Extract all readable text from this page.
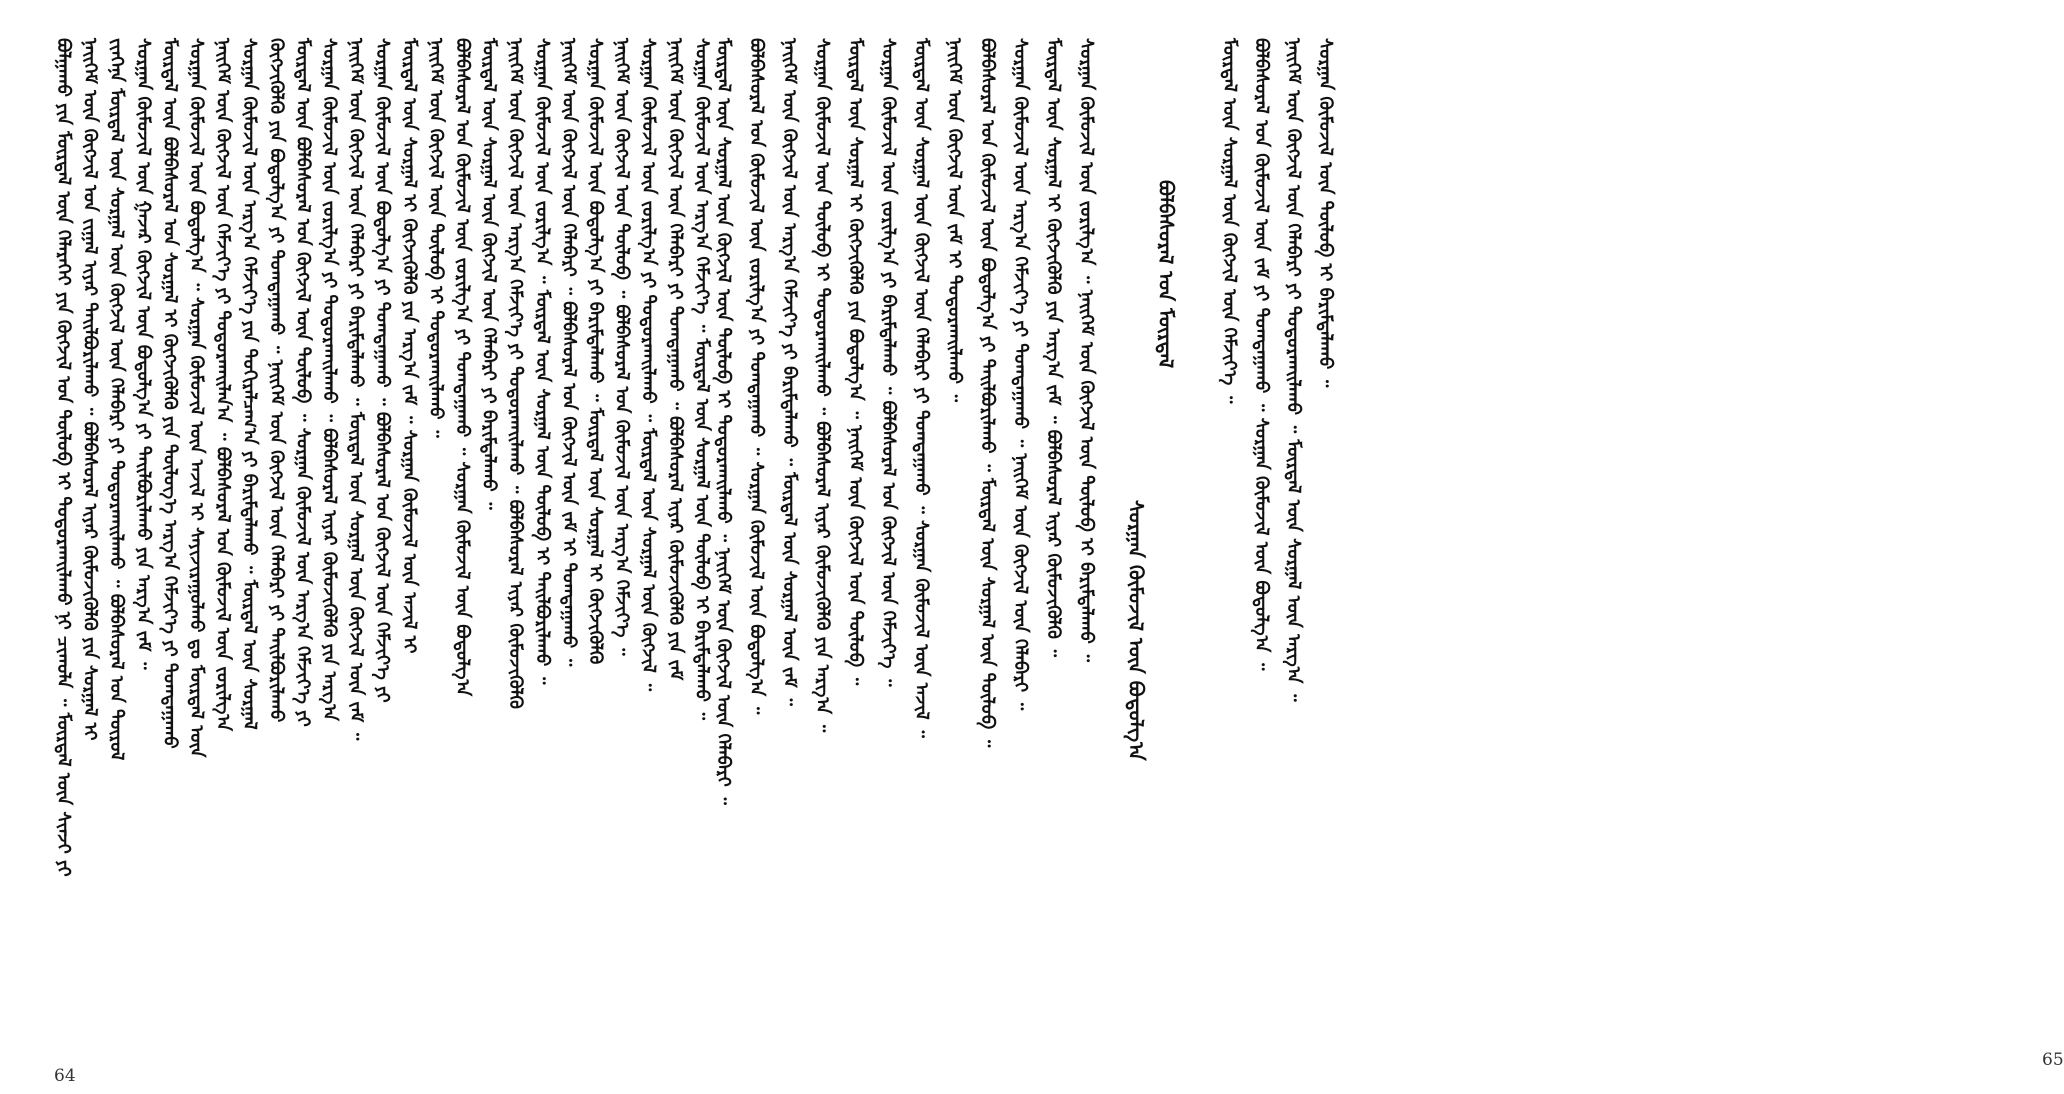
ᠪᠣᠯᠭᠠᠬᠤ ᠶᠢᠨ ᠮᠥᠷᠳᠡᠯ ᠦᠨ ᠬᠡᠯᠡᠷᠡᠬᠡᠢ ᠶᠢᠨ ᠬᠥᠭᠵᠢᠯ ᠤᠨ ᠲᠥᠯᠥᠪ ᠢ ᠲᠣᠳᠣᠷᠬᠠᠢᠯᠠᠬᠤ ᠨᠢ ᠴᠢᠬᠤᠯᠠ ᠃ ᠮᠥᠷᠳᠡᠯ ᠦᠨ ᠰᠢᠨᠵᠢ ᠶᠢ ᠨᠡᠢᠭᠡᠮ ᠦᠨ ᠬᠥᠭᠵᠢᠯ ᠤᠨ ᠵᠢᠭᠠᠯ ᠢᠶᠠᠷ ᠲᠠᠢᠯᠪᠤᠷᠢᠯᠠᠬᠤ ᠃ ᠪᠣᠯᠪᠠᠰᠤᠷᠠᠯ ᠢᠶᠠᠷ ᠬᠥᠮᠦᠵᠢᠭᠦᠯᠬᠦ ᠶᠢᠨ ᠰᠤᠷᠭᠠᠯ ᠢ ᠵᠢᠨᠬᠡᠨᠡ ᠮᠥᠷᠳᠡᠯ ᠦᠨ ᠰᠤᠷᠭᠠᠯ ᠦᠨ ᠬᠥᠭᠵᠢᠯ ᠦᠨ ᠬᠡᠯᠡᠪᠡᠷᠢ ᠶᠢ ᠲᠣᠳᠣᠷᠬᠠᠢᠯᠠᠬᠤ ᠃ ᠪᠣᠯᠪᠠᠰᠤᠷᠠᠯ ᠤᠨ ᠲᠥᠷᠥᠯ ᠰᠤᠷᠭᠠᠨ ᠬᠥᠮᠦᠵᠢᠯ ᠦᠨ ᠭᠠᠵᠠᠷ ᠬᠥᠭᠵᠢᠯ ᠦᠨ ᠪᠣᠳᠣᠯᠭ᠎ᠠ ᠶᠢ ᠲᠠᠢᠯᠪᠤᠷᠢᠯᠠᠬᠤ ᠶᠢᠨ ᠠᠷᠭ᠎ᠠ ᠵᠠᠮ ᠃ ᠮᠥᠷᠳᠡᠯ ᠦᠨ ᠪᠣᠯᠪᠠᠰᠤᠷᠠᠯ ᠤᠨ ᠰᠤᠷᠭᠠᠯ ᠢ ᠬᠥᠭᠵᠢᠭᠦᠯᠬᠦ ᠶᠢᠨ ᠲᠥᠯᠥᠭ᠎ᠡ ᠠᠷᠭ᠎ᠠ ᠬᠡᠮᠵᠢᠶ᠎ᠡ ᠶᠢ ᠲᠣᠭᠲᠠᠭᠠᠬᠤ ᠰᠤᠷᠭᠠᠨ ᠬᠥᠮᠦᠵᠢᠯ ᠦᠨ ᠪᠣᠳᠣᠯᠭ᠎ᠠ ᠃ ᠰᠤᠷᠭᠠᠨ ᠬᠥᠮᠦᠵᠢᠯ ᠦᠨ ᠠᠵᠢᠯ ᠢ ᠰᠠᠶᠢᠵᠢᠷᠠᠭᠤᠯᠬᠤ ᠳᠤ ᠮᠥᠷᠳᠡᠯ ᠦᠨ ᠨᠡᠢᠭᠡᠮ ᠦᠨ ᠬᠥᠭᠵᠢᠯ ᠦᠨ ᠬᠡᠮᠵᠢᠶ᠎ᠡ ᠶᠢ ᠲᠣᠳᠣᠷᠬᠠᠢᠯᠠᠨ᠎ᠠ ᠃ ᠪᠣᠯᠪᠠᠰᠤᠷᠠᠯ ᠤᠨ ᠬᠥᠮᠦᠵᠢᠯ ᠦᠨ ᠵᠣᠷᠢᠯᠭ᠎ᠠ ᠰᠤᠷᠭᠠᠨ ᠬᠥᠮᠦᠵᠢᠯ ᠦᠨ ᠠᠷᠭ᠎ᠠ ᠬᠡᠮᠵᠢᠶ᠎ᠡ ᠶᠢᠨ ᠲᠣᠬᠢᠷᠠᠯᠴᠠᠭ᠎ᠠ ᠶᠢ ᠪᠠᠷᠢᠮᠲᠠᠯᠠᠬᠤ ᠃ ᠮᠥᠷᠳᠡᠯ ᠦᠨ ᠰᠤᠷᠭᠠᠯ ᠬᠥᠭᠵᠢᠭᠦᠯᠬᠦ ᠶᠢᠨ ᠪᠣᠳᠣᠯᠭ᠎ᠠ ᠶᠢ ᠲᠣᠭᠲᠠᠭᠠᠬᠤ ᠃ ᠨᠡᠢᠭᠡᠮ ᠦᠨ ᠬᠥᠭᠵᠢᠯ ᠦᠨ ᠬᠡᠯᠡᠪᠡᠷᠢ ᠶᠢ ᠲᠠᠢᠯᠪᠤᠷᠢᠯᠠᠬᠤ ᠮᠥᠷᠳᠡᠯ ᠦᠨ ᠪᠣᠯᠪᠠᠰᠤᠷᠠᠯ ᠤᠨ ᠬᠥᠭᠵᠢᠯ ᠦᠨ ᠲᠥᠯᠥᠪ ᠃ ᠰᠤᠷᠭᠠᠨ ᠬᠥᠮᠦᠵᠢᠯ ᠦᠨ ᠠᠷᠭ᠎ᠠ ᠬᠡᠮᠵᠢᠶ᠎ᠡ ᠶᠢ ᠰᠤᠷᠭᠠᠨ ᠬᠥᠮᠦᠵᠢᠯ ᠦᠨ ᠵᠣᠷᠢᠯᠭ᠎ᠠ ᠶᠢ ᠲᠣᠳᠣᠷᠬᠠᠢᠯᠠᠬᠤ ᠃ ᠪᠣᠯᠪᠠᠰᠤᠷᠠᠯ ᠢᠶᠠᠷ ᠬᠥᠮᠦᠵᠢᠭᠦᠯᠬᠦ ᠶᠢᠨ ᠠᠷᠭ᠎ᠠ ᠨᠡᠢᠭᠡᠮ ᠦᠨ ᠬᠥᠭᠵᠢᠯ ᠦᠨ ᠬᠡᠯᠡᠪᠡᠷᠢ ᠶᠢ ᠪᠠᠷᠢᠮᠲᠠᠯᠠᠬᠤ ᠃ ᠮᠥᠷᠳᠡᠯ ᠦᠨ ᠰᠤᠷᠭᠠᠯ ᠦᠨ ᠬᠥᠭᠵᠢᠯ ᠦᠨ ᠵᠠᠮ ᠃ ᠰᠤᠷᠭᠠᠨ ᠬᠥᠮᠦᠵᠢᠯ ᠦᠨ ᠪᠣᠳᠣᠯᠭ᠎ᠠ ᠶᠢ ᠲᠣᠭᠲᠠᠭᠠᠬᠤ ᠃ ᠪᠣᠯᠪᠠᠰᠤᠷᠠᠯ ᠤᠨ ᠬᠥᠭᠵᠢᠯ ᠦᠨ ᠬᠡᠮᠵᠢᠶ᠎ᠡ ᠶᠢ ᠮᠥᠷᠳᠡᠯ ᠦᠨ ᠰᠤᠷᠭᠠᠯ ᠢ ᠬᠥᠭᠵᠢᠭᠦᠯᠬᠦ ᠶᠢᠨ ᠠᠷᠭ᠎ᠠ ᠵᠠᠮ ᠃ ᠰᠤᠷᠭᠠᠨ ᠬᠥᠮᠦᠵᠢᠯ ᠦᠨ ᠠᠵᠢᠯ ᠢ ᠨᠡᠢᠭᠡᠮ ᠦᠨ ᠬᠥᠭᠵᠢᠯ ᠦᠨ ᠲᠥᠯᠥᠪ ᠢ ᠲᠣᠳᠣᠷᠬᠠᠢᠯᠠᠬᠤ ᠃ ᠪᠣᠯᠪᠠᠰᠤᠷᠠᠯ ᠤᠨ ᠬᠥᠮᠦᠵᠢᠯ ᠦᠨ ᠵᠣᠷᠢᠯᠭ᠎ᠠ ᠶᠢ ᠲᠣᠭᠲᠠᠭᠠᠬᠤ ᠃ ᠰᠤᠷᠭᠠᠨ ᠬᠥᠮᠦᠵᠢᠯ ᠦᠨ ᠪᠣᠳᠣᠯᠭ᠎ᠠ ᠮᠥᠷᠳᠡᠯ ᠦᠨ ᠰᠤᠷᠭᠠᠯ ᠦᠨ ᠬᠥᠭᠵᠢᠯ ᠦᠨ ᠬᠡᠯᠡᠪᠡᠷᠢ ᠶᠢ ᠪᠠᠷᠢᠮᠲᠠᠯᠠᠬᠤ ᠃ ᠨᠡᠢᠭᠡᠮ ᠦᠨ ᠬᠥᠭᠵᠢᠯ ᠦᠨ ᠠᠷᠭ᠎ᠠ ᠬᠡᠮᠵᠢᠶ᠎ᠡ ᠶᠢ ᠲᠣᠳᠣᠷᠬᠠᠢᠯᠠᠬᠤ ᠃ ᠪᠣᠯᠪᠠᠰᠤᠷᠠᠯ ᠢᠶᠠᠷ ᠬᠥᠮᠦᠵᠢᠭᠦᠯᠬᠦ ᠰᠤᠷᠭᠠᠨ ᠬᠥᠮᠦᠵᠢᠯ ᠦᠨ ᠵᠣᠷᠢᠯᠭ᠎ᠠ ᠃ ᠮᠥᠷᠳᠡᠯ ᠦᠨ ᠰᠤᠷᠭᠠᠯ ᠦᠨ ᠲᠥᠯᠥᠪ ᠢ ᠲᠠᠢᠯᠪᠤᠷᠢᠯᠠᠬᠤ ᠃ ᠨᠡᠢᠭᠡᠮ ᠦᠨ ᠬᠥᠭᠵᠢᠯ ᠦᠨ ᠬᠡᠯᠡᠪᠡᠷᠢ ᠃ ᠪᠣᠯᠪᠠᠰᠤᠷᠠᠯ ᠤᠨ ᠬᠥᠭᠵᠢᠯ ᠦᠨ ᠵᠠᠮ ᠢ ᠲᠣᠭᠲᠠᠭᠠᠬᠤ ᠃ ᠰᠤᠷᠭᠠᠨ ᠬᠥᠮᠦᠵᠢᠯ ᠦᠨ ᠪᠣᠳᠣᠯᠭ᠎ᠠ ᠶᠢ ᠪᠠᠷᠢᠮᠲᠠᠯᠠᠬᠤ ᠃ ᠮᠥᠷᠳᠡᠯ ᠦᠨ ᠰᠤᠷᠭᠠᠯ ᠢ ᠬᠥᠭᠵᠢᠭᠦᠯᠬᠦ ᠨᠡᠢᠭᠡᠮ ᠦᠨ ᠬᠥᠭᠵᠢᠯ ᠦᠨ ᠲᠥᠯᠥᠪ ᠃ ᠪᠣᠯᠪᠠᠰᠤᠷᠠᠯ ᠤᠨ ᠬᠥᠮᠦᠵᠢᠯ ᠦᠨ ᠠᠷᠭ᠎ᠠ ᠬᠡᠮᠵᠢᠶ᠎ᠡ ᠃ ᠰᠤᠷᠭᠠᠨ ᠬᠥᠮᠦᠵᠢᠯ ᠦᠨ ᠵᠣᠷᠢᠯᠭ᠎ᠠ ᠶᠢ ᠲᠣᠳᠣᠷᠬᠠᠢᠯᠠᠬᠤ ᠃ ᠮᠥᠷᠳᠡᠯ ᠦᠨ ᠰᠤᠷᠭᠠᠯ ᠦᠨ ᠬᠥᠭᠵᠢᠯ ᠃ ᠨᠡᠢᠭᠡᠮ ᠦᠨ ᠬᠥᠭᠵᠢᠯ ᠦᠨ ᠬᠡᠯᠡᠪᠡᠷᠢ ᠶᠢ ᠲᠣᠭᠲᠠᠭᠠᠬᠤ ᠃ ᠪᠣᠯᠪᠠᠰᠤᠷᠠᠯ ᠢᠶᠠᠷ ᠬᠥᠮᠦᠵᠢᠭᠦᠯᠬᠦ ᠶᠢᠨ ᠵᠠᠮ ᠰᠤᠷᠭᠠᠨ ᠬᠥᠮᠦᠵᠢᠯ ᠦᠨ ᠠᠷᠭ᠎ᠠ ᠬᠡᠮᠵᠢᠶ᠎ᠡ ᠃ ᠮᠥᠷᠳᠡᠯ ᠦᠨ ᠰᠤᠷᠭᠠᠯ ᠦᠨ ᠲᠥᠯᠥᠪ ᠢ ᠪᠠᠷᠢᠮᠲᠠᠯᠠᠬᠤ ᠃
64
ᠮᠥᠷᠳᠡᠯ ᠦᠨ ᠰᠤᠷᠭᠠᠯ ᠦᠨ ᠬᠥᠭᠵᠢᠯ ᠦᠨ ᠲᠥᠯᠥᠪ ᠢ ᠲᠣᠳᠣᠷᠬᠠᠢᠯᠠᠬᠤ ᠃ ᠨᠡᠢᠭᠡᠮ ᠦᠨ ᠬᠥᠭᠵᠢᠯ ᠦᠨ ᠬᠡᠯᠡᠪᠡᠷᠢ ᠃ ᠪᠣᠯᠪᠠᠰᠤᠷᠠᠯ ᠤᠨ ᠬᠥᠮᠦᠵᠢᠯ ᠦᠨ ᠵᠣᠷᠢᠯᠭ᠎ᠠ ᠶᠢ ᠲᠣᠭᠲᠠᠭᠠᠬᠤ ᠃ ᠰᠤᠷᠭᠠᠨ ᠬᠥᠮᠦᠵᠢᠯ ᠦᠨ ᠪᠣᠳᠣᠯᠭ᠎ᠠ ᠃ ᠨᠡᠢᠭᠡᠮ ᠦᠨ ᠬᠥᠭᠵᠢᠯ ᠦᠨ ᠠᠷᠭ᠎ᠠ ᠬᠡᠮᠵᠢᠶ᠎ᠡ ᠶᠢ ᠪᠠᠷᠢᠮᠲᠠᠯᠠᠬᠤ ᠃ ᠮᠥᠷᠳᠡᠯ ᠦᠨ ᠰᠤᠷᠭᠠᠯ ᠦᠨ ᠵᠠᠮ ᠃ ᠰᠤᠷᠭᠠᠨ ᠬᠥᠮᠦᠵᠢᠯ ᠦᠨ ᠲᠥᠯᠥᠪ ᠢ ᠲᠣᠳᠣᠷᠬᠠᠢᠯᠠᠬᠤ ᠃ ᠪᠣᠯᠪᠠᠰᠤᠷᠠᠯ ᠢᠶᠠᠷ ᠬᠥᠮᠦᠵᠢᠭᠦᠯᠬᠦ ᠶᠢᠨ ᠠᠷᠭ᠎ᠠ ᠃ ᠮᠥᠷᠳᠡᠯ ᠦᠨ ᠰᠤᠷᠭᠠᠯ ᠢ ᠬᠥᠭᠵᠢᠭᠦᠯᠬᠦ ᠶᠢᠨ ᠪᠣᠳᠣᠯᠭ᠎ᠠ ᠃ ᠨᠡᠢᠭᠡᠮ ᠦᠨ ᠬᠥᠭᠵᠢᠯ ᠦᠨ ᠲᠥᠯᠥᠪ ᠃ ᠰᠤᠷᠭᠠᠨ ᠬᠥᠮᠦᠵᠢᠯ ᠦᠨ ᠵᠣᠷᠢᠯᠭ᠎ᠠ ᠶᠢ ᠪᠠᠷᠢᠮᠲᠠᠯᠠᠬᠤ ᠃ ᠪᠣᠯᠪᠠᠰᠤᠷᠠᠯ ᠤᠨ ᠬᠥᠭᠵᠢᠯ ᠦᠨ ᠬᠡᠮᠵᠢᠶ᠎ᠡ ᠃ ᠮᠥᠷᠳᠡᠯ ᠦᠨ ᠰᠤᠷᠭᠠᠯ ᠦᠨ ᠬᠥᠭᠵᠢᠯ ᠦᠨ ᠬᠡᠯᠡᠪᠡᠷᠢ ᠶᠢ ᠲᠣᠭᠲᠠᠭᠠᠬᠤ ᠃ ᠰᠤᠷᠭᠠᠨ ᠬᠥᠮᠦᠵᠢᠯ ᠦᠨ ᠠᠵᠢᠯ ᠃ ᠨᠡᠢᠭᠡᠮ ᠦᠨ ᠬᠥᠭᠵᠢᠯ ᠦᠨ ᠵᠠᠮ ᠢ ᠲᠣᠳᠣᠷᠬᠠᠢᠯᠠᠬᠤ ᠃ ᠪᠣᠯᠪᠠᠰᠤᠷᠠᠯ ᠤᠨ ᠬᠥᠮᠦᠵᠢᠯ ᠦᠨ ᠪᠣᠳᠣᠯᠭ᠎ᠠ ᠶᠢ ᠲᠠᠢᠯᠪᠤᠷᠢᠯᠠᠬᠤ ᠃ ᠮᠥᠷᠳᠡᠯ ᠦᠨ ᠰᠤᠷᠭᠠᠯ ᠦᠨ ᠲᠥᠯᠥᠪ ᠃ ᠰᠤᠷᠭᠠᠨ ᠬᠥᠮᠦᠵᠢᠯ ᠦᠨ ᠠᠷᠭ᠎ᠠ ᠬᠡᠮᠵᠢᠶ᠎ᠡ ᠶᠢ ᠲᠣᠭᠲᠠᠭᠠᠬᠤ ᠃ ᠨᠡᠢᠭᠡᠮ ᠦᠨ ᠬᠥᠭᠵᠢᠯ ᠦᠨ ᠬᠡᠯᠡᠪᠡᠷᠢ ᠃ ᠮᠥᠷᠳᠡᠯ ᠦᠨ ᠰᠤᠷᠭᠠᠯ ᠢ ᠬᠥᠭᠵᠢᠭᠦᠯᠬᠦ ᠶᠢᠨ ᠠᠷᠭ᠎ᠠ ᠵᠠᠮ ᠃ ᠪᠣᠯᠪᠠᠰᠤᠷᠠᠯ ᠢᠶᠠᠷ ᠬᠥᠮᠦᠵᠢᠭᠦᠯᠬᠦ ᠃ ᠰᠤᠷᠭᠠᠨ ᠬᠥᠮᠦᠵᠢᠯ ᠦᠨ ᠵᠣᠷᠢᠯᠭ᠎ᠠ ᠃ ᠨᠡᠢᠭᠡᠮ ᠦᠨ ᠬᠥᠭᠵᠢᠯ ᠦᠨ ᠲᠥᠯᠥᠪ ᠢ ᠪᠠᠷᠢᠮᠲᠠᠯᠠᠬᠤ ᠃	ᠮᠥᠷᠳᠡᠯ ᠦᠨ ᠰᠤᠷᠭᠠᠯ ᠦᠨ ᠬᠥᠭᠵᠢᠯ ᠦᠨ ᠬᠡᠮᠵᠢᠶ᠎ᠡ ᠃ ᠪᠣᠯᠪᠠᠰᠤᠷᠠᠯ ᠤᠨ ᠬᠥᠮᠦᠵᠢᠯ ᠦᠨ ᠵᠠᠮ ᠶᠢ ᠲᠣᠭᠲᠠᠭᠠᠬᠤ ᠃ ᠰᠤᠷᠭᠠᠨ ᠬᠥᠮᠦᠵᠢᠯ ᠦᠨ ᠪᠣᠳᠣᠯᠭ᠎ᠠ ᠃ ᠨᠡᠢᠭᠡᠮ ᠦᠨ ᠬᠥᠭᠵᠢᠯ ᠦᠨ ᠬᠡᠯᠡᠪᠡᠷᠢ ᠶᠢ ᠲᠣᠳᠣᠷᠬᠠᠢᠯᠠᠬᠤ ᠃ ᠮᠥᠷᠳᠡᠯ ᠦᠨ ᠰᠤᠷᠭᠠᠯ ᠦᠨ ᠠᠷᠭ᠎ᠠ ᠃ ᠰᠤᠷᠭᠠᠨ ᠬᠥᠮᠦᠵᠢᠯ ᠦᠨ ᠲᠥᠯᠥᠪ ᠢ ᠪᠠᠷᠢᠮᠲᠠᠯᠠᠬᠤ ᠃
ᠰᠤᠷᠭᠠᠨ ᠬᠥᠮᠦᠵᠢᠯ ᠦᠨ ᠪᠣᠳᠣᠯᠭ᠎ᠠ
ᠪᠣᠯᠪᠠᠰᠤᠷᠠᠯ ᠤᠨ ᠮᠥᠷᠳᠡᠯ
65
